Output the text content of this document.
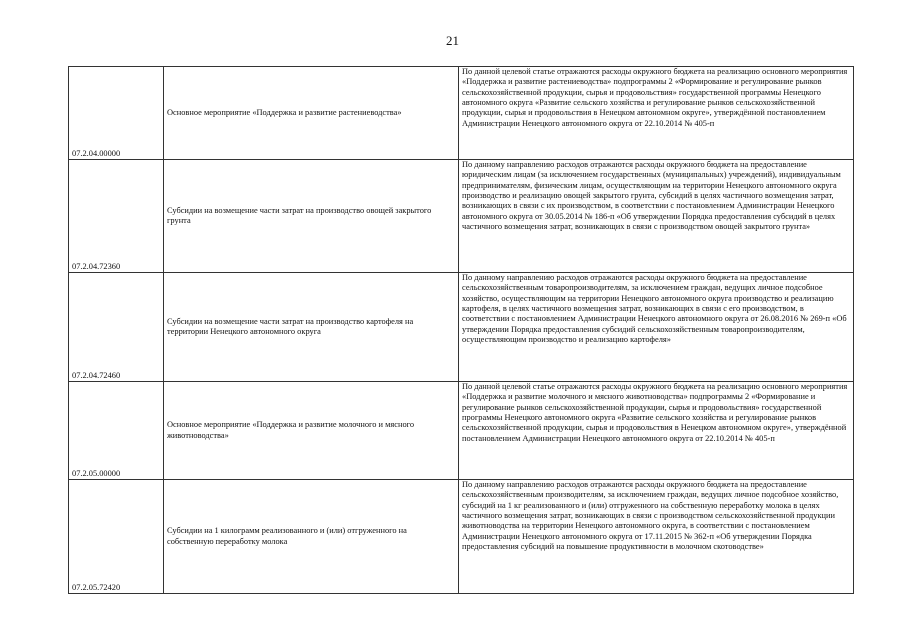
21
07.2.04.00000	Основное мероприятие «Поддержка и развитие растениеводства»	По данной целевой статье отражаются расходы окружного бюджета на реализацию основного мероприятия «Поддержка и развитие растениеводства» подпрограммы 2 «Формирование и регулирование рынков сельскохозяйственной продукции, сырья и продовольствия» государственной программы Ненецкого автономного округа «Развитие сельского хозяйства и регулирование рынков сельскохозяйственной продукции, сырья и продовольствия в Ненецком автономном округе», утверждённой постановлением Администрации Ненецкого автономного округа от 22.10.2014 № 405-п
07.2.04.72360	Субсидии на возмещение части затрат на производство овощей закрытого грунта	По данному направлению расходов отражаются расходы окружного бюджета на предоставление юридическим лицам (за исключением государственных (муниципальных) учреждений), индивидуальным предпринимателям, физическим лицам, осуществляющим на территории Ненецкого автономного округа производство и реализацию овощей закрытого грунта, субсидий в целях частичного возмещения затрат, возникающих в связи с их производством, в соответствии с постановлением Администрации Ненецкого автономного округа от 30.05.2014 № 186-п «Об утверждении Порядка предоставления субсидий в целях частичного возмещения затрат, возникающих в связи с производством овощей закрытого грунта»
07.2.04.72460	Субсидии на возмещение части затрат на производство картофеля на территории Ненецкого автономного округа	По данному направлению расходов отражаются расходы окружного бюджета на предоставление сельскохозяйственным товаропроизводителям, за исключением граждан, ведущих личное подсобное хозяйство, осуществляющим на территории Ненецкого автономного округа производство и реализацию картофеля, в целях частичного возмещения затрат, возникающих в связи с его производством, в соответствии с постановлением Администрации Ненецкого автономного округа от 26.08.2016 № 269-п «Об утверждении Порядка предоставления субсидий сельскохозяйственным товаропроизводителям, осуществляющим производство и реализацию картофеля»
07.2.05.00000	Основное мероприятие «Поддержка и развитие молочного и мясного животноводства»	По данной целевой статье отражаются расходы окружного бюджета на реализацию основного мероприятия «Поддержка и развитие молочного и мясного животноводства» подпрограммы 2 «Формирование и регулирование рынков сельскохозяйственной продукции, сырья и продовольствия» государственной программы Ненецкого автономного округа «Развитие сельского хозяйства и регулирование рынков сельскохозяйственной продукции, сырья и продовольствия в Ненецком автономном округе», утверждённой постановлением Администрации Ненецкого автономного округа от 22.10.2014 № 405-п
07.2.05.72420	Субсидии на 1 килограмм реализованного и (или) отгруженного на собственную переработку молока	По данному направлению расходов отражаются расходы окружного бюджета на предоставление сельскохозяйственным производителям, за исключением граждан, ведущих личное подсобное хозяйство, субсидий на 1 кг реализованного и (или) отгруженного на собственную переработку молока в целях частичного возмещения затрат, возникающих в связи с производством сельскохозяйственной продукции животноводства на территории Ненецкого автономного округа, в соответствии с постановлением Администрации Ненецкого автономного округа от 17.11.2015 № 362-п «Об утверждении Порядка предоставления субсидий на повышение продуктивности в молочном скотоводстве»
